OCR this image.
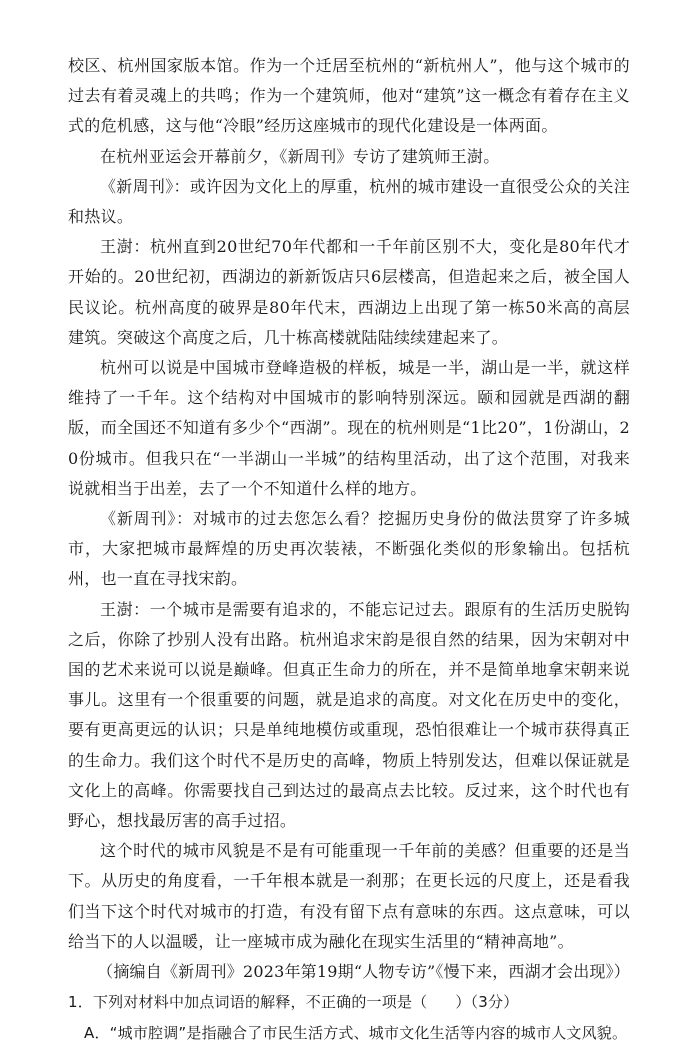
校区、杭州国家版本馆。作为一个迁居至杭州的“新杭州人”，他与这个城市的过去有着灵魂上的共鸣；作为一个建筑师，他对“建筑”这一概念有着存在主义式的危机感，这与他“冷眼”经历这座城市的现代化建设是一体两面。

在杭州亚运会开幕前夕，《新周刊》专访了建筑师王澍。

《新周刊》：或许因为文化上的厚重，杭州的城市建设一直很受公众的关注和热议。

王澍：杭州直到20世纪70年代都和一千年前区别不大，变化是80年代才开始的。20世纪初，西湖边的新新饭店只6层楼高，但造起来之后，被全国人民议论。杭州高度的破界是80年代末，西湖边上出现了第一栋50米高的高层建筑。突破这个高度之后，几十栋高楼就陆陆续续建起来了。

杭州可以说是中国城市登峰造极的样板，城是一半，湖山是一半，就这样维持了一千年。这个结构对中国城市的影响特别深远。颐和园就是西湖的翻版，而全国还不知道有多少个“西湖”。现在的杭州则是“1比20”，1份湖山，20份城市。但我只在“一半湖山一半城”的结构里活动，出了这个范围，对我来说就相当于出差，去了一个不知道什么样的地方。

《新周刊》：对城市的过去您怎么看？挖掘历史身份的做法贯穿了许多城市，大家把城市最辉煌的历史再次装裱，不断强化类似的形象输出。包括杭州，也一直在寻找宋韵。

王澍：一个城市是需要有追求的，不能忘记过去。跟原有的生活历史脱钩之后，你除了抄别人没有出路。杭州追求宋韵是很自然的结果，因为宋朝对中国的艺术来说可以说是巅峰。但真正生命力的所在，并不是简单地拿宋朝来说事儿。这里有一个很重要的问题，就是追求的高度。对文化在历史中的变化，要有更高更远的认识；只是单纯地模仿或重现，恐怕很难让一个城市获得真正的生命力。我们这个时代不是历史的高峰，物质上特别发达，但难以保证就是文化上的高峰。你需要找自己到达过的最高点去比较。反过来，这个时代也有野心，想找最厉害的高手过招。

这个时代的城市风貌是不是有可能重现一千年前的美感？但重要的还是当下。从历史的角度看，一千年根本就是一刹那；在更长远的尺度上，还是看我们当下这个时代对城市的打造，有没有留下点有意味的东西。这点意味，可以给当下的人以温暖，让一座城市成为融化在现实生活里的“精神高地”。

（摘编自《新周刊》2023年第19期“人物专访”《慢下来，西湖才会出现》）

1．下列对材料中加点词语的解释，不正确的一项是（ ）（3分）

A．“城市腔调”是指融合了市民生活方式、城市文化生活等内容的城市人文风貌。
